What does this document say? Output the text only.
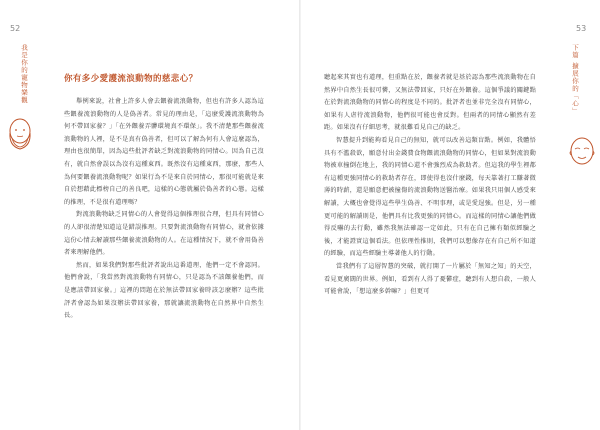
52
我是你的寵物樂觀	你有多少愛護流浪動物的慈悲心？

舉例來說，社會上許多人會去餵養流浪動物，但也有許多人認為這些餵養流浪動物的人是偽善者。常見的理由是，「這麼愛護流浪動物為何不帶回家養？」「在外餵養弄髒環境真不環保」。我不清楚那些餵養流浪動物的人裡，是不是真有偽善者，但可以了解為何有人會這麼認為，理由也很簡單，因為這些批評者缺乏對流浪動物的同情心。因為自己沒有，就自然會誤以為沒有這種東西。既然沒有這種東西，那麼，那些人為何要餵養流浪動物呢？如果行為不是來自於同情心，那很可能就是來自於想藉此標榜自己的善良吧，這樣的心態就屬於偽善者的心態。這樣的推理，不是很有道理嗎？

對流浪動物缺乏同情心的人會覺得這個推理很合理，但具有同情心的人卻很清楚知道這是錯誤推理。只要對流浪動物有同情心，就會依據這份心情去解讀那些餵養流浪動物的人。在這種情況下，就不會用偽善者來理解他們。

然而，如果我們對那些批評者說出這番道理，他們一定不會認同。他們會說，「我當然對流浪動物有同情心，只是認為不該餵養他們，而是應該帶回家養。」這裡的問題在於無法帶回家養時該怎麼辦？這些批評者會認為如果沒辦法帶回家養，那就讓流浪動物在自然界中自然生長。

53
下篇 擴展你的「心」

聽起來其實也有道理，但重點在於，餵養者就是基於認為那些流浪動物在自然界中自然生長很可憐，又無法帶回家，只好在外餵養。這個爭議的關鍵點在於對流浪動物的同情心的程度是不同的。批評者也並非完全沒有同情心，如果有人虐待流浪動物，他們很可能也會反對。但兩者的同情心顯然有差距。如果沒有仔細思考，就很難看見自己的缺乏。

智慧提升到能夠看見自己的無知，就可以改善這類盲點。例如，我體悟具有不濫殺欲，願意付出金錢費食物餵流浪動物的同情心，但如果對流浪動物被車撞倒在地上，我的同情心還不會強烈成為救助者。但這我的學生裡都有這種更強同情心的救助者存在，即使得也沒什麼錢，每天靠著打工賺著微薄的時薪，還是願意把被撞傷的流浪動物送醫治療。如果我只用個人感受來解讀，大概也會覺得這些學生偽善、不明事理，或是愛逞強。但是，另一種更可能的解讀則是，他們具有比我更強的同情心。而這樣的同情心讓他們做得反嚇的去行動，雖然我無法確認一定如此，只有在自己擁有類似經驗之後，才能證實這個看法。但依理性推則，我們可以想像存在有自己所不知道的經驗，而這些經驗主導著他人的行動。

當我們有了這層智慧的突破，就打開了一片屬於「無知之知」的天空，看見更廣闊的世界。例如，看到有人得了憂鬱症，聽到有人想自殺，一般人可能會說，「想這麼多幹嘛？」但更可
